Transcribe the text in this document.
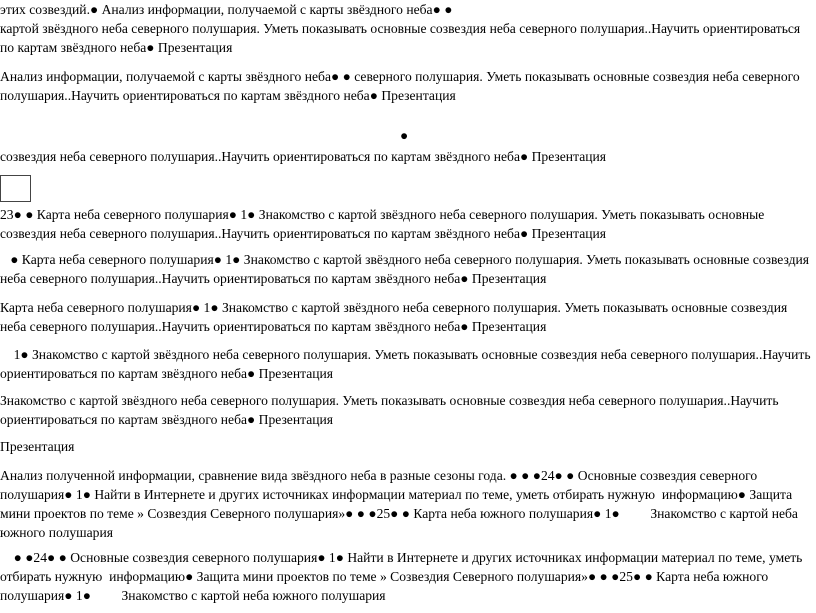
этих созвездий.● Анализ информации, получаемой с карты звёздного неба● ●

картой звёздного неба северного полушария. Уметь показывать основные созвездия неба северного полушария..Научить ориентироваться по картам звёздного неба● Презентация

Анализ информации, получаемой с карты звёздного неба● ● северного полушария. Уметь показывать основные созвездия неба северного полушария..Научить ориентироваться по картам звёздного неба● Презентация

●

созвездия неба северного полушария..Научить ориентироваться по картам звёздного неба● Презентация

23● ● Карта неба северного полушария● 1● Знакомство с картой звёздного неба северного полушария. Уметь показывать основные созвездия неба северного полушария..Научить ориентироваться по картам звёздного неба● Презентация

● Карта неба северного полушария● 1● Знакомство с картой звёздного неба северного полушария. Уметь показывать основные созвездия неба северного полушария..Научить ориентироваться по картам звёздного неба● Презентация

Карта неба северного полушария● 1● Знакомство с картой звёздного неба северного полушария. Уметь показывать основные созвездия неба северного полушария..Научить ориентироваться по картам звёздного неба● Презентация

1● Знакомство с картой звёздного неба северного полушария. Уметь показывать основные созвездия неба северного полушария..Научить ориентироваться по картам звёздного неба● Презентация

Знакомство с картой звёздного неба северного полушария. Уметь показывать основные созвездия неба северного полушария..Научить ориентироваться по картам звёздного неба● Презентация

Презентация

Анализ полученной информации, сравнение вида звёздного неба в разные сезоны года. ● ● ●24● ● Основные созвездия северного полушария● 1● Найти в Интернете и других источниках информации материал по теме, уметь отбирать нужную  информацию● Защита мини проектов по теме » Созвездия Северного полушария»● ● ●25● ● Карта неба южного полушария● 1●         Знакомство с картой неба южного полушария

● ●24● ● Основные созвездия северного полушария● 1● Найти в Интернете и других источниках информации материал по теме, уметь отбирать нужную  информацию● Защита мини проектов по теме » Созвездия Северного полушария»● ● ●25● ● Карта неба южного полушария● 1●         Знакомство с картой неба южного полушария
